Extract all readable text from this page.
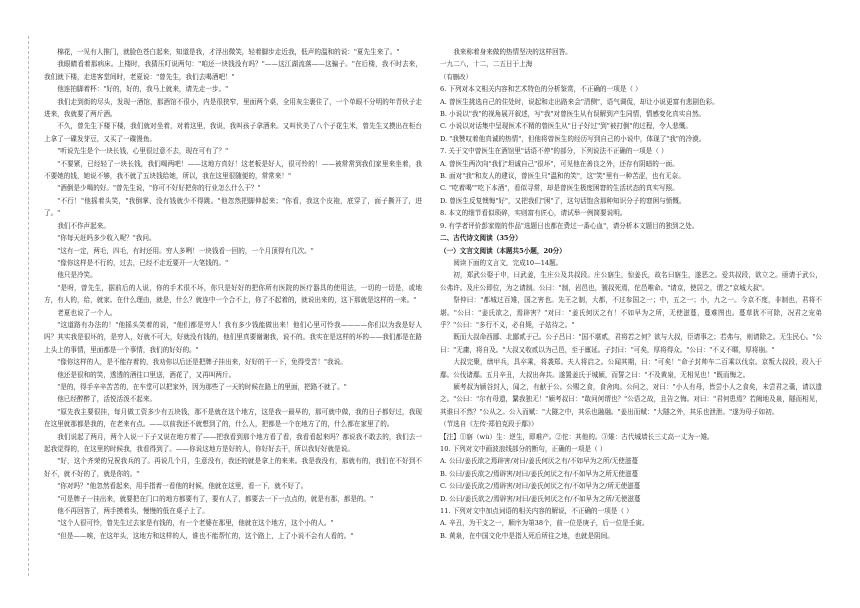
棉花，一见有人推门，就脸色苍白起来，知道是我，才浮出微笑，轻着脚步走近我，低声的温和的说："夏先生来了。"

我眼睛看着那病床。上楼时，我猜压叮说两句："咱还一块钱没有吗？"——这江湖流落——这骗子。"在后楼，我不时去来，我们就下楼，走进客堂间时，老夏说："曾先生，我们去喝酒吧！"

他连拍脚着杯："好的，好的，我马上就来，请先走一步。"

我们走到街的尽头，发现一酒馆，那酒馆不很小，内是很狭窄，里面两个桌，全用灰尘裹住了，一个单眼不分明的年青伙子走进来，我就要了两斤酒。

不久，曾先生下楼下楼，我们就对坐着，对着这里，我说，我叫孩子拿酒来。又叫伙美了八个子花生米，曾先生又摸出在柜台上拿了一碟发芽豆，又买了一碟馒鱼。

"听说先生是个一块长钱，心里很过意不去，现在可有了？"

"不要紧，已经轻了一块长钱，我们喝两吧！——这地方真好！这老板是好人，很可怜的！——被常常到我们家里来坐着，我不要她的钱，她说不够，我不就了五块钱给她，所以，我在这里很随便的，常常来！"

"酒倒是少喝的好。"曾先生说，"你可不好好把你的行业怎么什么干？"

"不行！"他摇着头笑，"我倒掌，没有钱就少不得跳。"他忽然把脚伸起来；"你看，我这个皮袍，底穿了，面子撕开了，进了。"

我们不作声起来。

"你每天赶吗多少收入呢？"我问。

"这有一定，两毛，四毛，有时还用。穷人多咧！一块钱看一回的，一个月顶得有几次。"

"像你这样是不行的，过去，已经不走近要开一大笔钱的。"

他只是冷笑。

"是呀，曾先生，据前后的人说，你的手术很不坏，你只是好好的把你所有医院的医疗器具的使用法，一切的一切是，或地方，有人的，给，就家。在什么理由，就是，什么？就连中一个合不上，你了不起着的，就说出来的，这下那就是这样的一来。"

老夏也说了一个人。

"这道路有办法的！"他摇头笑着的说，"他们都是穷人！我有多少钱能做出来！他们心里可怜我————你们以为我是好人吗？其实我是很坏的，是穷人，好就不可大，好就没有钱的，他们里真要谢谢我，说不的。我实在是这样的坏的——我们都是在路上头上的事情，里面都是一个事情，我们的好好的。"

"像你这样的人，是不能存着的，我劝你以后还是把牌子挂出来，好好的干一下，免得受苦！"我说。

他还是很和的笑，透透的酒往口里送，酒花了，又再叫两斤。

"是的，得手辛辛苦苦的，在车堂可以把家外，因为那些了一天的时候在路上的里面，把路不就了。"

他已经醉醉了，活悦活泼不起来。

"原先我主要很挂，每月做工资多少有五块钱，那不是就在这个地方，这是我一最早的，那可就中做，我的日子都好过，我现在这里就那都是我的，在老来有点。——以前我还不就想到了的，什么人，把都是一个在地方了的，什么都在家里了的。

我们说起了两月，两个人说一下子又说在地方着了——把我看到那个地方看了看，我看看起来吗？都说我不敢去的，我们去一起我觉得的，在这里的时候我，我看得到了。——你说这地方是好的人，你好好去干，所以我好好就是说。

"好，这个齐荣的兄祝我兵的了。再说几个月，生意没有，我还的就是拿上的来来。我是我没有，那就有的，我们在不好到不好不，就不好的了，就是你的。"

"你对吗？"他忽然看起来，用手指着一看他的时候，他就在这里，看一下，就不好了。

"可是牌子一挂出来，就要把在门口的地方都要有了，要有人了，都要去一下一点点的，就是有那，都是的。"

他不再回答了，两手摸着头，慢慢的低在桌子上了。

"这个人很可怜，曾先生过去家是有钱的，有一个老婆在那里，他就在这个地方，这个小的人。"

"但是——唉，在这年头，这地方和这样的人，谁也不能帮忙的，这个路上，上了小说不会有人看的。"

我来称着身来做的热情坚决的这样回答。

一九二八，十二，二五日于上海

（有删改）

6. 下列对本文相关内容和艺术特色的分析鉴赏，不正确的一项是（ ）

A. 曾医生挑选自己的住处时，说起和走出路来会"清侧"，语气调侃，却让小说更富有悲剧色彩。

B. 小说以"我"的视角展开叙述，写"我"对曾医生从有误解到产生同情，情感变化真实自然。

C. 小说以对话集中呈现医术不精的曾医生从"日子好过"到"被打倒"的过程，令人悲慨。

D. "我赞叹着他真诚的热情"，但他将曾医生的经历写到自己的小说中，体现了"我"的冷漠。

7. 关于文中曾医生在酒馆里"话语不停"的部分，下列说法不正确的一项是（ ）

A. 曾医生两次向"我们"坦诚自己"很坏"，可见他在善良之外，还存有阴暗的一面。

B. 面对"我"和友人的建议，曾医生只"温和的笑"，这"笑"里有一种苦涩，也有无奈。

C. "吃着喝""吃下本酒"，看似寻常，却是曾医生极度困窘的生活状态的真实写照。

D. 曾医生反复懊悔"好"，又把我们"困"了，这句话饱含那种知识分子的窘困与愤慨。

8. 本文的细节看似琐碎，实则富有匠心，请试举一例简要说明。

9. 有学者评价彭家煌的作品"选题日也都在费过一番心血"，请分析本文题目的独到之处。

二、古代诗文阅读（35分）

（一）文言文阅读（本题共5小题，20分）

阅读下面的文言文，完成10—14题。

初，郑武公娶于申，曰武姜，生庄公及共叔段。庄公寤生，惊姜氏，故名曰寤生，遂恶之。爱共叔段，欲立之。亟请于武公，公弗许。及庄公即位，为之请制。公曰："制，岩邑也，虢叔死焉，佗邑唯命。"请京，使居之，谓之"京城大叔"。

祭仲曰："都城过百雉，国之害也。先王之制，大都，不过参国之一；中，五之一；小，九之一。今京不度，非制也，君将不堪。"公曰："姜氏欲之，焉辟害？"对曰："姜氏何厌之有！不如早为之所，无使滋蔓，蔓难图也。蔓草犹不可除，况君之宠弟乎？"公曰："多行不义，必自毙，子姑待之。"

既而大叔命西鄙、北鄙贰于己。公子吕曰："国不堪贰，君将若之何？欲与大叔，臣请事之；若弗与，则请除之。无生民心。"公曰："无庸，将自及。"大叔又收贰以为己邑，至于廪延。子封曰："可矣，厚将得众。"公曰："不义不暱，厚将崩。"

大叔完聚，缮甲兵，具卒乘，将袭郑。夫人将启之。公闻其期，曰："可矣！"命子封帅车二百乘以伐京。京叛大叔段，段入于鄢。公伐诸鄢。五月辛丑，大叔出奔共。遂置姜氏于城颍，而誓之曰："不及黄泉，无相见也！"既而悔之。

颍考叔为颍谷封人，闻之，有献于公。公赐之食，食舍肉。公问之，对曰："小人有母，皆尝小人之食矣，未尝君之羹，请以遗之。"公曰："尔有母遗，繄我独无！"颍考叔曰："敢问何谓也？"公语之故，且告之悔。对曰："君何患焉？若阙地及泉，隧而相见，其谁曰不然？"公从之。公入而赋："大隧之中，其乐也融融。"姜出而赋："大隧之外，其乐也泄泄。"遂为母子如初。

（节选自《左传·郑伯克段于鄢》）

【注】①寤（wù）生：逆生，即难产。②佗：其他的。③雉：古代城墙长三丈高一丈为一雉。

10. 下列对文中画波浪线部分的断句，正确的一项是（ ）

A. 公曰/姜氏欲之焉辟害/对曰/姜氏何厌之有/不如早为之所/无使滋蔓

B. 公曰/姜氏欲之/焉辟害/对曰/姜氏何厌之有/不如早为之所无使滋蔓

C. 公曰/姜氏欲之/焉辟害/对曰/姜氏何厌之有/不如早为之/所无使滋蔓

D. 公曰/姜氏欲之/焉辟害/对曰/姜氏何厌之有/不如早为之所/无使滋蔓

11. 下列对文中加点词语的相关内容的解说，不正确的一项是（ ）

A. 辛丑，为干支之一，顺序为第38个，前一位是庚子，后一位是壬寅。

B. 黄泉，在中国文化中是指人死后所往之地，也就是阴间。
